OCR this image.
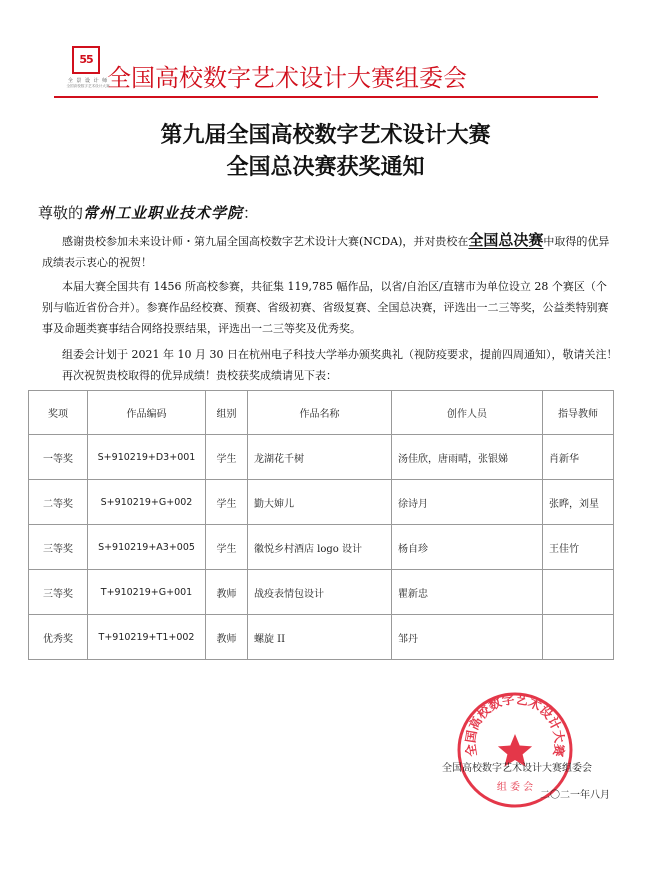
55
全 景 设 计 师
全国高校数字艺术设计大赛
全国高校数字艺术设计大赛组委会
第九届全国高校数字艺术设计大赛
全国总决赛获奖通知
尊敬的常州工业职业技术学院：
感谢贵校参加未来设计师・第九届全国高校数字艺术设计大赛(NCDA)，并对贵校在全国总决赛中取得的优异成绩表示衷心的祝贺！
本届大赛全国共有 1456 所高校参赛，共征集 119,785 幅作品，以省/自治区/直辖市为单位设立 28 个赛区（个别与临近省份合并）。参赛作品经校赛、预赛、省级初赛、省级复赛、全国总决赛，评选出一二三等奖，公益类特别赛事及命题类赛事结合网络投票结果，评选出一二三等奖及优秀奖。
组委会计划于 2021 年 10 月 30 日在杭州电子科技大学举办颁奖典礼（视防疫要求，提前四周通知），敬请关注！
再次祝贺贵校取得的优异成绩！贵校获奖成绩请见下表：
奖项	作品编码	组别	作品名称	创作人员	指导教师
一等奖	S+910219+D3+001	学生	龙湖花千树	汤佳欣，唐雨晴，张银娣	肖新华
二等奖	S+910219+G+002	学生	勤大婶儿	徐诗月	张晔，刘星
三等奖	S+910219+A3+005	学生	徽悦乡村酒店 logo 设计	杨自珍	王佳竹
三等奖	T+910219+G+001	教师	战疫表情包设计	瞿新忠	
优秀奖	T+910219+T1+002	教师	螺旋 II	邹丹	
全国高校数字艺术设计大赛
组 委 会
全国高校数字艺术设计大赛组委会
二〇二一年八月
